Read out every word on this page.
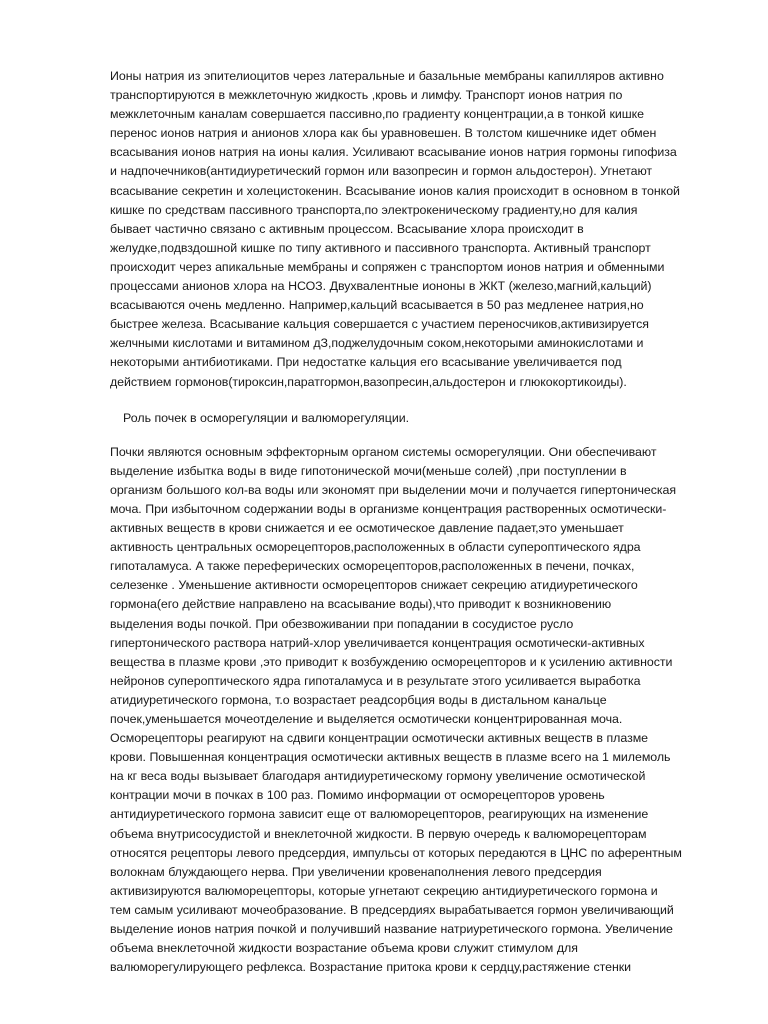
Ионы натрия из эпителиоцитов через латеральные и базальные мембраны капилляров активно
транспортируются в межклеточную жидкость ,кровь и лимфу. Транспорт ионов натрия по
межклеточным каналам совершается пассивно,по градиенту концентрации,а в тонкой кишке
перенос ионов натрия и анионов хлора как бы уравновешен. В толстом кишечнике идет обмен
всасывания ионов натрия на ионы калия. Усиливают всасывание ионов натрия гормоны гипофиза
и надпочечников(антидиуретический гормон или вазопресин и гормон альдостерон). Угнетают
всасывание секретин и холецистокенин. Всасывание ионов калия происходит в основном в тонкой
кишке по средствам пассивного транспорта,по электрокеническому градиенту,но для калия
бывает частично связано с активным процессом. Всасывание хлора происходит в
желудке,подвздошной кишке по типу активного и пассивного транспорта. Активный транспорт
происходит через апикальные мембраны и сопряжен с транспортом ионов натрия и обменными
процессами анионов хлора на НСОЗ. Двухвалентные иононы в ЖКТ (железо,магний,кальций)
всасываются очень медленно. Например,кальций всасывается в 50 раз медленее натрия,но
быстрее железа. Всасывание кальция совершается с участием переносчиков,активизируется
желчными кислотами и витамином дЗ,поджелудочным соком,некоторыми аминокислотами и
некоторыми антибиотиками. При недостатке кальция его всасывание увеличивается под
действием гормонов(тироксин,паратгормон,вазопресин,альдостерон и глюкокортикоиды).

Роль почек в осморегуляции и валюморегуляции.

Почки являются основным эффекторным органом системы осморегуляции. Они обеспечивают
выделение избытка воды в виде гипотонической мочи(меньше солей) ,при поступлении в
организм большого кол-ва воды или экономят при выделении мочи и получается гипертоническая
моча. При избыточном содержании воды в организме концентрация растворенных осмотически-
активных веществ в крови снижается и ее осмотическое давление падает,это уменьшает
активность центральных осморецепторов,расположенных в области супероптического ядра
гипоталамуса. А также переферических осморецепторов,расположенных в печени, почках,
селезенке . Уменьшение активности осморецепторов снижает секрецию атидиуретического
гормона(его действие направлено на всасывание воды),что приводит к возникновению
выделения воды почкой. При обезвоживании при попадании в сосудистое русло
гипертонического раствора натрий-хлор увеличивается концентрация осмотически-активных
вещества в плазме крови ,это приводит к возбуждению осморецепторов и к усилению активности
нейронов супероптического ядра гипоталамуса и в результате этого усиливается выработка
атидиуретического гормона, т.о возрастает реадсорбция воды в дистальном канальце
почек,уменьшается мочеотделение и выделяется осмотически концентрированная моча.
Осморецепторы реагируют на сдвиги концентрации осмотически активных веществ в плазме
крови. Повышенная концентрация осмотически активных веществ в плазме всего на 1 милемоль
на кг веса воды вызывает благодаря антидиуретическому гормону увеличение осмотической
контрации мочи в почках в 100 раз. Помимо информации от осморецепторов уровень
антидиуретического гормона зависит еще от валюморецепторов, реагирующих на изменение
объема внутрисосудистой и внеклеточной жидкости. В первую очередь к валюморецепторам
относятся рецепторы левого предсердия, импульсы от которых передаются в ЦНС по аферентным
волокнам блуждающего нерва. При увеличении кровенаполнения левого предсердия
активизируются валюморецепторы, которые угнетают секрецию антидиуретического гормона и
тем самым усиливают мочеобразование. В предсердиях вырабатывается гормон увеличивающий
выделение ионов натрия почкой и получивший название натриуретического гормона. Увеличение
объема внеклеточной жидкости возрастание объема крови служит стимулом для
валюморегулирующего рефлекса. Возрастание притока крови к сердцу,растяжение стенки
